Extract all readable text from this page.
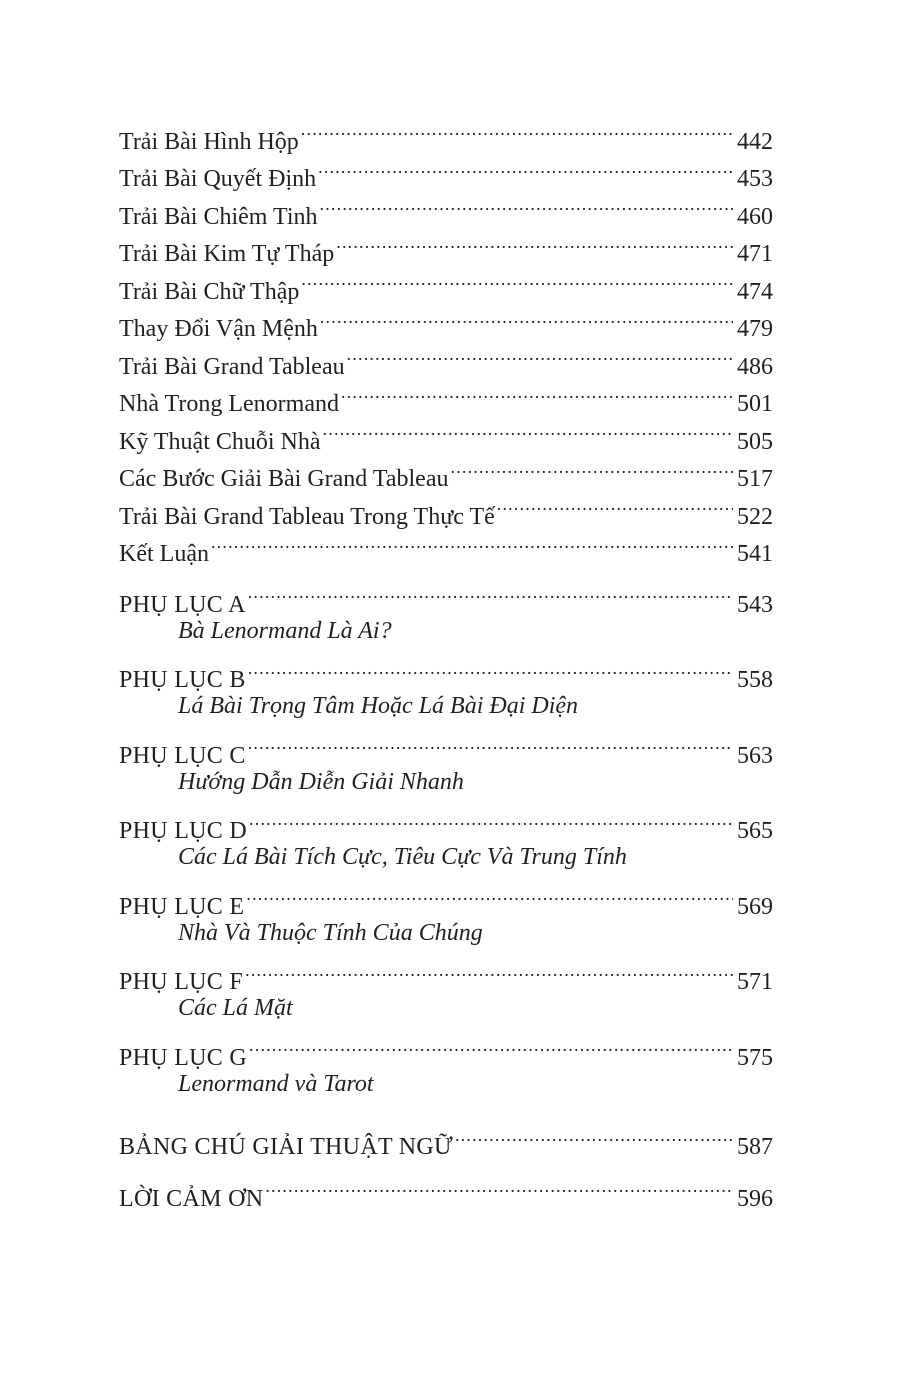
Trải Bài Hình Hộp .....	442
Trải Bài Quyết Định .....	453
Trải Bài Chiêm Tinh .....	460
Trải Bài Kim Tự Tháp .....	471
Trải Bài Chữ Thập .....	474
Thay Đổi Vận Mệnh .....	479
Trải Bài Grand Tableau .....	486
Nhà Trong Lenormand .....	501
Kỹ Thuật Chuỗi Nhà .....	505
Các Bước Giải Bài Grand Tableau .....	517
Trải Bài Grand Tableau Trong Thực Tế .....	522
Kết Luận .....	541
PHỤ LỤC A .....	543
Bà Lenormand Là Ai?
PHỤ LỤC B .....	558
Lá Bài Trọng Tâm Hoặc Lá Bài Đại Diện
PHỤ LỤC C .....	563
Hướng Dẫn Diễn Giải Nhanh
PHỤ LỤC D .....	565
Các Lá Bài Tích Cực, Tiêu Cực Và Trung Tính
PHỤ LỤC E .....	569
Nhà Và Thuộc Tính Của Chúng
PHỤ LỤC F .....	571
Các Lá Mặt
PHỤ LỤC G .....	575
Lenormand và Tarot
BẢNG CHÚ GIẢI THUẬT NGỮ .....	587
LỜI CẢM ƠN .....	596
